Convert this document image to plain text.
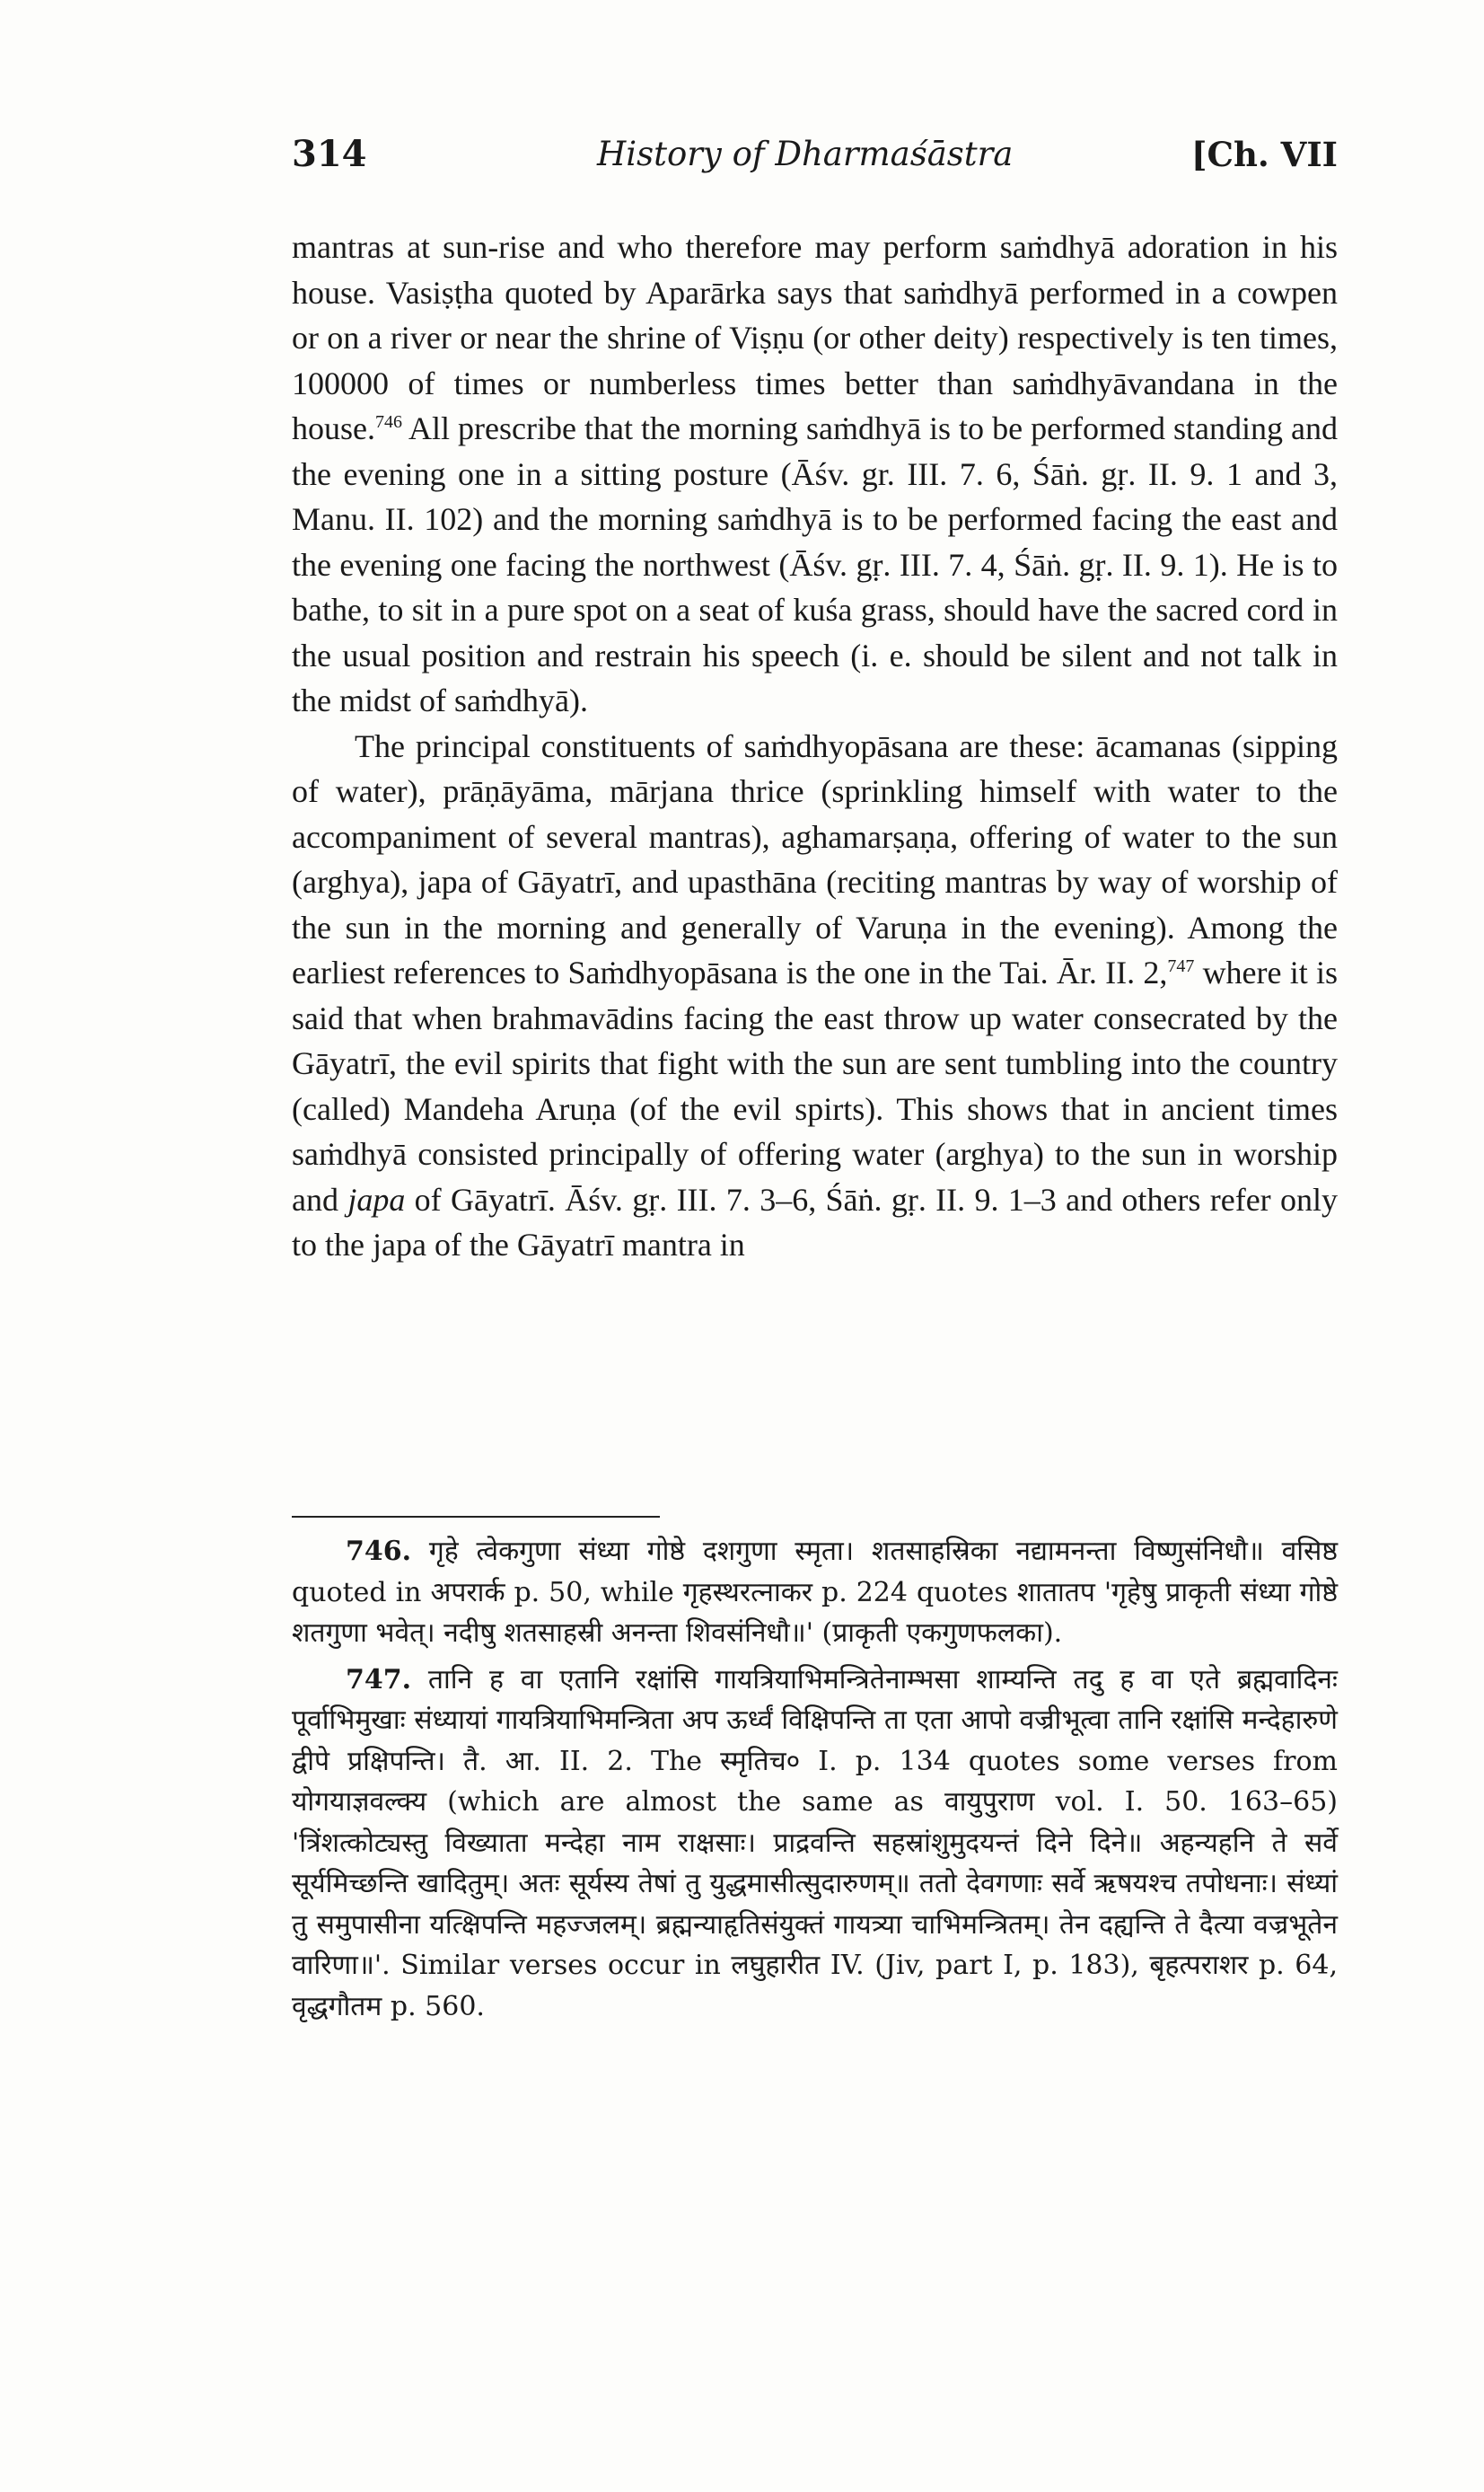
314	History of Dharmaśāstra	[Ch. VII

mantras at sun-rise and who therefore may perform saṁdhyā adoration in his house. Vasiṣṭha quoted by Aparārka says that saṁdhyā performed in a cowpen or on a river or near the shrine of Viṣṇu (or other deity) respectively is ten times, 100000 of times or numberless times better than saṁdhyāvandana in the house.$^{746}$ All prescribe that the morning saṁdhyā is to be performed standing and the evening one in a sitting posture (Āśv. gr. III. 7. 6, Śāṅ. gṛ. II. 9. 1 and 3, Manu. II. 102) and the morning saṁdhyā is to be performed facing the east and the evening one facing the northwest (Āśv. gṛ. III. 7. 4, Śāṅ. gṛ. II. 9. 1). He is to bathe, to sit in a pure spot on a seat of kuśa grass, should have the sacred cord in the usual position and restrain his speech (i. e. should be silent and not talk in the midst of saṁdhyā).

The principal constituents of saṁdhyopāsana are these: ācamanas (sipping of water), prāṇāyāma, mārjana thrice (sprinkling himself with water to the accompaniment of several mantras), aghamarṣaṇa, offering of water to the sun (arghya), japa of Gāyatrī, and upasthāna (reciting mantras by way of worship of the sun in the morning and generally of Varuṇa in the evening). Among the earliest references to Saṁdhyopāsana is the one in the Tai. Ār. II. 2,$^{747}$ where it is said that when brahmavādins facing the east throw up water consecrated by the Gāyatrī, the evil spirits that fight with the sun are sent tumbling into the country (called) Mandeha Aruṇa (of the evil spirts). This shows that in ancient times saṁdhyā consisted principally of offering water (arghya) to the sun in worship and japa of Gāyatrī. Āśv. gṛ. III. 7. 3–6, Śāṅ. gṛ. II. 9. 1–3 and others refer only to the japa of the Gāyatrī mantra in

746. गृहे त्वेकगुणा संध्या गोष्ठे दशगुणा स्मृता। शतसाहस्रिका नद्यामनन्ता विष्णुसंनिधौ॥ वसिष्ठ quoted in अपरार्क p. 50, while गृहस्थरत्नाकर p. 224 quotes शातातप 'गृहेषु प्राकृती संध्या गोष्ठे शतगुणा भवेत्। नदीषु शतसाहस्री अनन्ता शिवसंनिधौ॥' (प्राकृती एकगुणफलका).

747. तानि ह वा एतानि रक्षांसि गायत्रियाभिमन्त्रितेनाम्भसा शाम्यन्ति तदु ह वा एते ब्रह्मवादिनः पूर्वाभिमुखाः संध्यायां गायत्रियाभिमन्त्रिता अप ऊर्ध्वं विक्षिपन्ति ता एता आपो वज्रीभूत्वा तानि रक्षांसि मन्देहारुणे द्वीपे प्रक्षिपन्ति। तै. आ. II. 2. The स्मृतिच० I. p. 134 quotes some verses from योगयाज्ञवल्क्य (which are almost the same as वायुपुराण vol. I. 50. 163–65) 'त्रिंशत्कोट्यस्तु विख्याता मन्देहा नाम राक्षसाः। प्राद्रवन्ति सहस्रांशुमुदयन्तं दिने दिने॥ अहन्यहनि ते सर्वे सूर्यमिच्छन्ति खादितुम्। अतः सूर्यस्य तेषां तु युद्धमासीत्सुदारुणम्॥ ततो देवगणाः सर्वे ऋषयश्च तपोधनाः। संध्यां तु समुपासीना यत्क्षिपन्ति महज्जलम्। ब्रह्मन्याहृतिसंयुक्तं गायत्र्या चाभिमन्त्रितम्। तेन दह्यन्ति ते दैत्या वज्रभूतेन वारिणा॥'. Similar verses occur in लघुहारीत IV. (Jiv, part I, p. 183), बृहत्पराशर p. 64, वृद्धगौतम p. 560.
